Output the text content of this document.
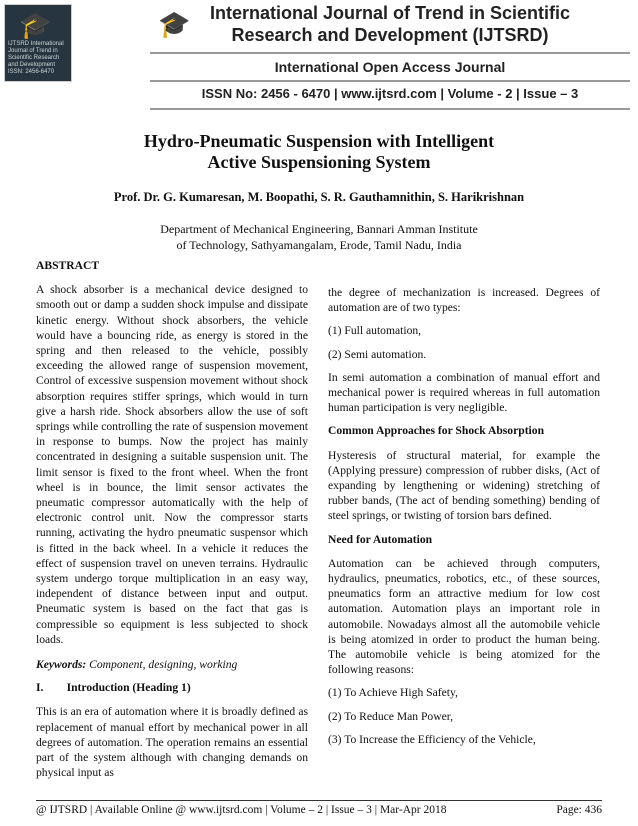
🎓
IJTSRD International Journal of Trend in Scientific Research and Development ISSN: 2456-6470
🎓	International Journal of Trend in Scientific
Research and Development (IJTSRD)
International Open Access Journal
ISSN No: 2456 - 6470 | www.ijtsrd.com | Volume - 2 | Issue – 3
Hydro-Pneumatic Suspension with Intelligent
Active Suspensioning System
Prof. Dr. G. Kumaresan, M. Boopathi, S. R. Gauthamnithin, S. Harikrishnan
Department of Mechanical Engineering, Bannari Amman Institute
of Technology, Sathyamangalam, Erode, Tamil Nadu, India

ABSTRACT

A shock absorber is a mechanical device designed to smooth out or damp a sudden shock impulse and dissipate kinetic energy. Without shock absorbers, the vehicle would have a bouncing ride, as energy is stored in the spring and then released to the vehicle, possibly exceeding the allowed range of suspension movement, Control of excessive suspension movement without shock absorption requires stiffer springs, which would in turn give a harsh ride. Shock absorbers allow the use of soft springs while controlling the rate of suspension movement in response to bumps. Now the project has mainly concentrated in designing a suitable suspension unit. The limit sensor is fixed to the front wheel. When the front wheel is in bounce, the limit sensor activates the pneumatic compressor automatically with the help of electronic control unit. Now the compressor starts running, activating the hydro pneumatic suspensor which is fitted in the back wheel. In a vehicle it reduces the effect of suspension travel on uneven terrains. Hydraulic system undergo torque multiplication in an easy way, independent of distance between input and output. Pneumatic system is based on the fact that gas is compressible so equipment is less subjected to shock loads.

Keywords: Component, designing, working

I.        Introduction (Heading 1)

This is an era of automation where it is broadly defined as replacement of manual effort by mechanical power in all degrees of automation. The operation remains an essential part of the system although with changing demands on physical input as

the degree of mechanization is increased. Degrees of automation are of two types:

(1) Full automation,

(2) Semi automation.

In semi automation a combination of manual effort and mechanical power is required whereas in full automation human participation is very negligible.

Common Approaches for Shock Absorption

Hysteresis of structural material, for example the (Applying pressure) compression of rubber disks, (Act of expanding by lengthening or widening) stretching of rubber bands, (The act of bending something) bending of steel springs, or twisting of torsion bars defined.

Need for Automation

Automation can be achieved through computers, hydraulics, pneumatics, robotics, etc., of these sources, pneumatics form an attractive medium for low cost automation. Automation plays an important role in automobile. Nowadays almost all the automobile vehicle is being atomized in order to product the human being. The automobile vehicle is being atomized for the following reasons:

(1) To Achieve High Safety,

(2) To Reduce Man Power,

(3) To Increase the Efficiency of the Vehicle,

@ IJTSRD | Available Online @ www.ijtsrd.com | Volume – 2 | Issue – 3 | Mar-Apr 2018	Page: 436
